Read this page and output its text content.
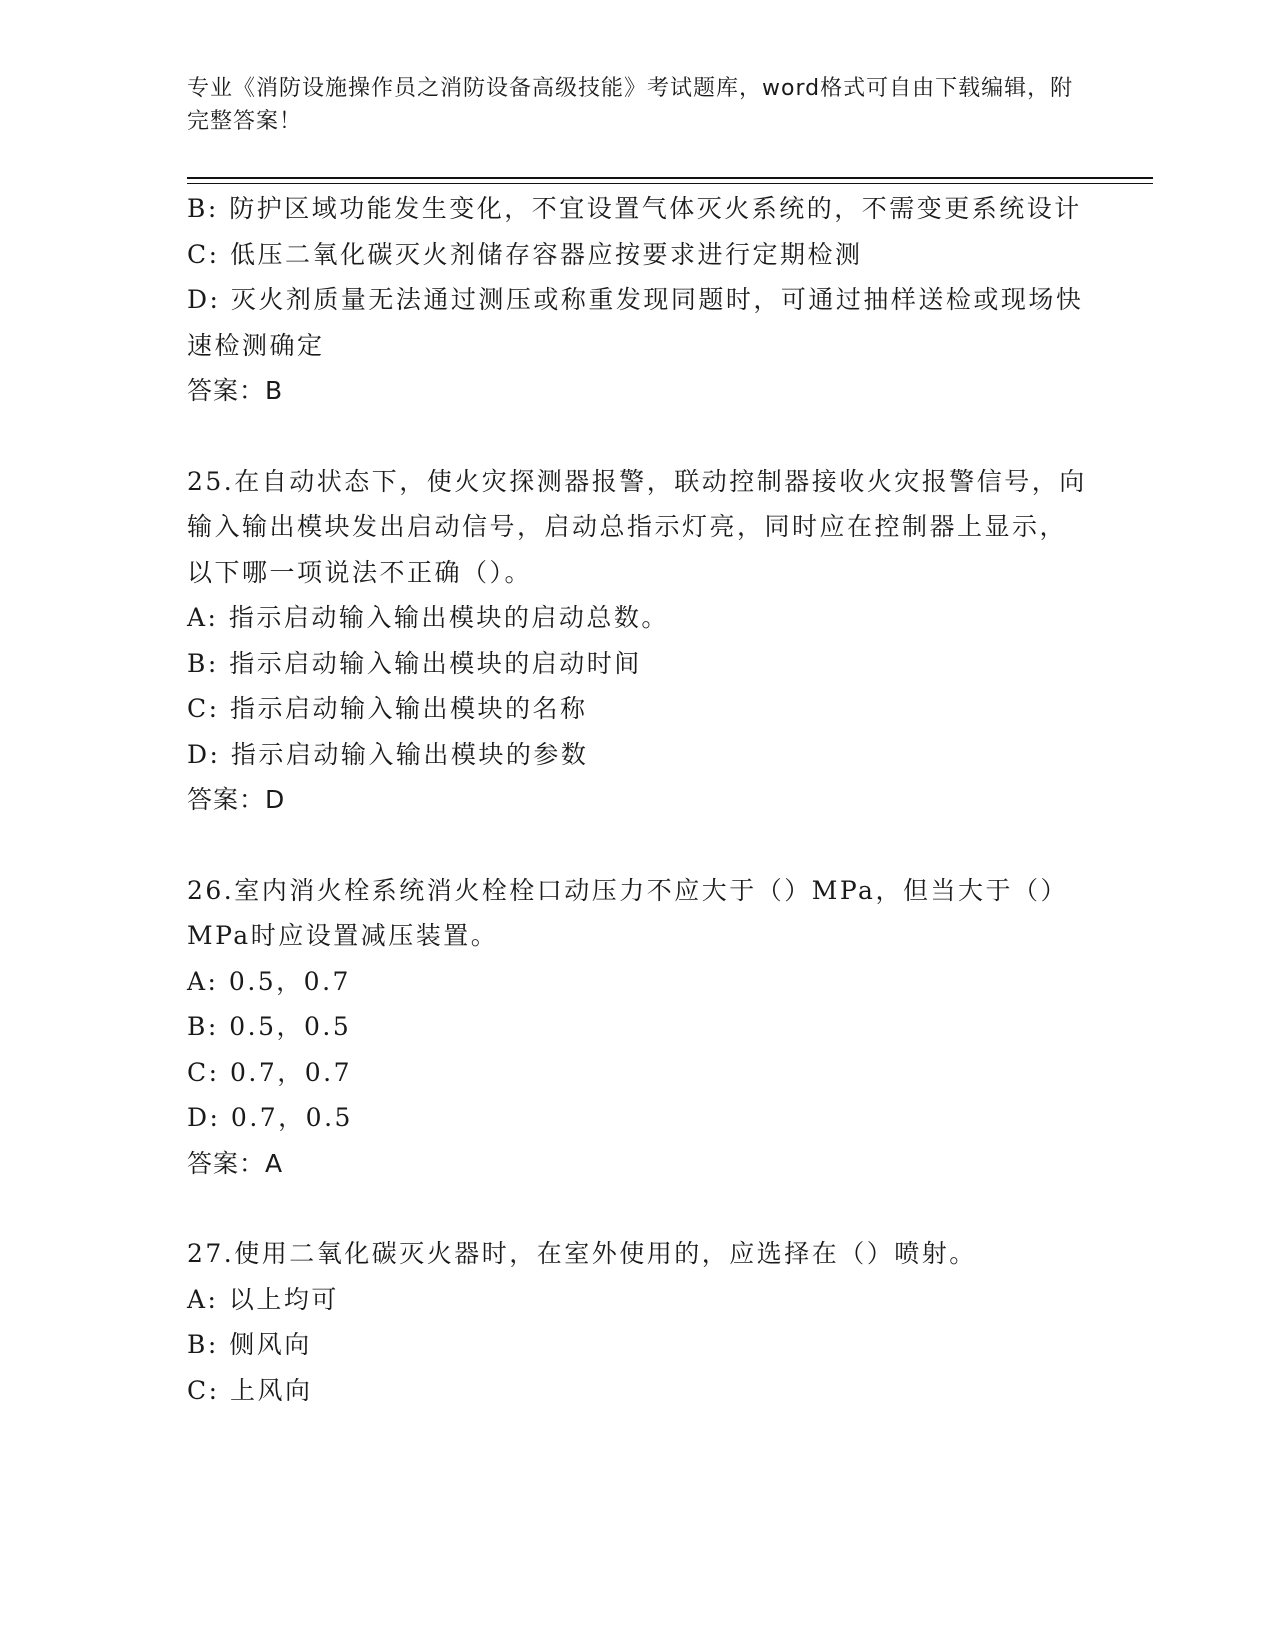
专业《消防设施操作员之消防设备高级技能》考试题库，word格式可自由下载编辑，附完整答案！
B: 防护区域功能发生变化，不宜设置气体灭火系统的，不需变更系统设计
C: 低压二氧化碳灭火剂储存容器应按要求进行定期检测
D: 灭火剂质量无法通过测压或称重发现同题时，可通过抽样送检或现场快速检测确定
答案：B
25.在自动状态下，使火灾探测器报警，联动控制器接收火灾报警信号，向输入输出模块发出启动信号，启动总指示灯亮，同时应在控制器上显示，以下哪一项说法不正确（）。
A: 指示启动输入输出模块的启动总数。
B: 指示启动输入输出模块的启动时间
C: 指示启动输入输出模块的名称
D: 指示启动输入输出模块的参数
答案：D
26.室内消火栓系统消火栓栓口动压力不应大于（）MPa，但当大于（）MPa时应设置减压装置。
A: 0.5，0.7
B: 0.5，0.5
C: 0.7，0.7
D: 0.7，0.5
答案：A
27.使用二氧化碳灭火器时，在室外使用的，应选择在（）喷射。
A: 以上均可
B: 侧风向
C: 上风向
